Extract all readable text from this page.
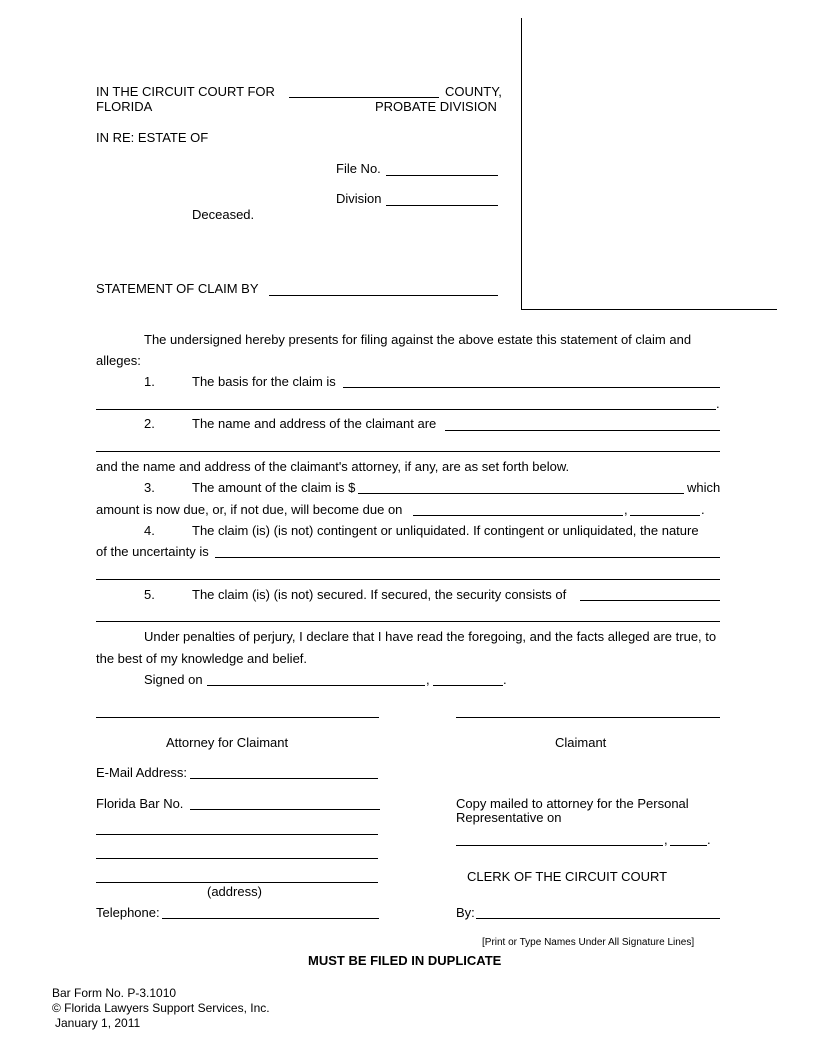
IN THE CIRCUIT COURT FOR	COUNTY,
FLORIDA	PROBATE DIVISION
IN RE: ESTATE OF
File No.
Division
Deceased.
STATEMENT OF CLAIM BY
The undersigned hereby presents for filing against the above estate this statement of claim and
alleges:
1.	The basis for the claim is
.
2.	The name and address of the claimant are
and the name and address of the claimant's attorney, if any, are as set forth below.
3.	The amount of the claim is $	which
amount is now due, or, if not due, will become due on	,	.
4.	The claim (is) (is not) contingent or unliquidated. If contingent or unliquidated, the nature
of the uncertainty is
5.	The claim (is) (is not) secured. If secured, the security consists of
Under penalties of perjury, I declare that I have read the foregoing, and the facts alleged are true, to
the best of my knowledge and belief.
Signed on	,	.
Attorney for Claimant	Claimant
E-Mail Address:
Florida Bar No.	Copy mailed to attorney for the Personal
Representative on
,	.
CLERK OF THE CIRCUIT COURT
(address)
Telephone:	By:
[Print or Type Names Under All Signature Lines]
MUST BE FILED IN DUPLICATE
Bar Form No. P-3.1010
© Florida Lawyers Support Services, Inc.
January 1, 2011
